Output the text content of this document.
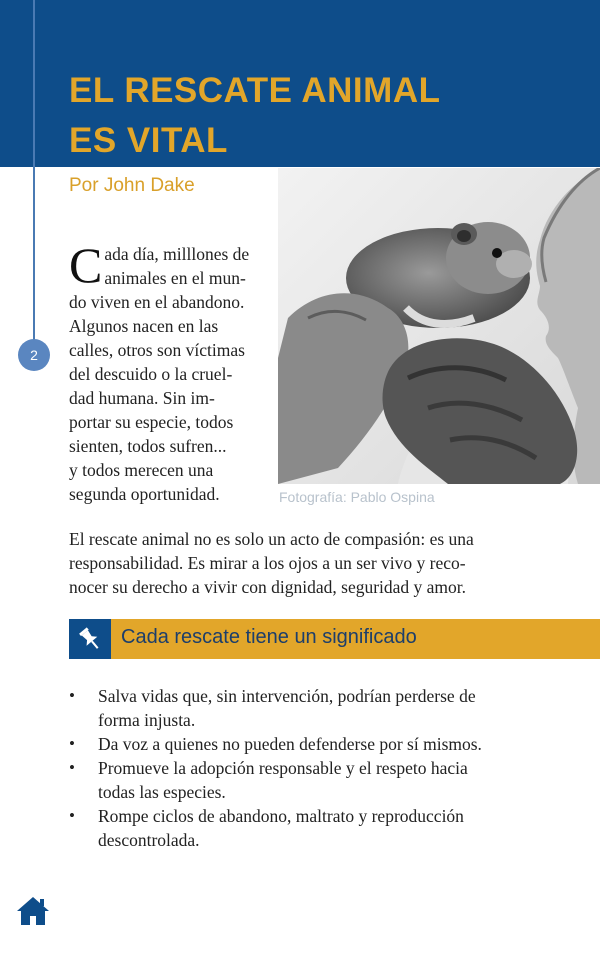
EL RESCATE ANIMAL
ES VITAL
2
Por John Dake
C ada día, milllones de
animales en el mun-
do viven en el abandono.
Algunos nacen en las
calles, otros son víctimas
del descuido o la cruel-
dad humana. Sin im-
portar su especie, todos
sienten, todos sufren...
y todos merecen una
segunda oportunidad.	Fotografía: Pablo Ospina
El rescate animal no es solo un acto de compasión: es una
responsabilidad. Es mirar a los ojos a un ser vivo y reco-
nocer su derecho a vivir con dignidad, seguridad y amor.
Cada rescate tiene un significado
• Salva vidas que, sin intervención, podrían perderse de
forma injusta.
• Da voz a quienes no pueden defenderse por sí mismos.
• Promueve la adopción responsable y el respeto hacia
todas las especies.
• Rompe ciclos de abandono, maltrato y reproducción
descontrolada.
